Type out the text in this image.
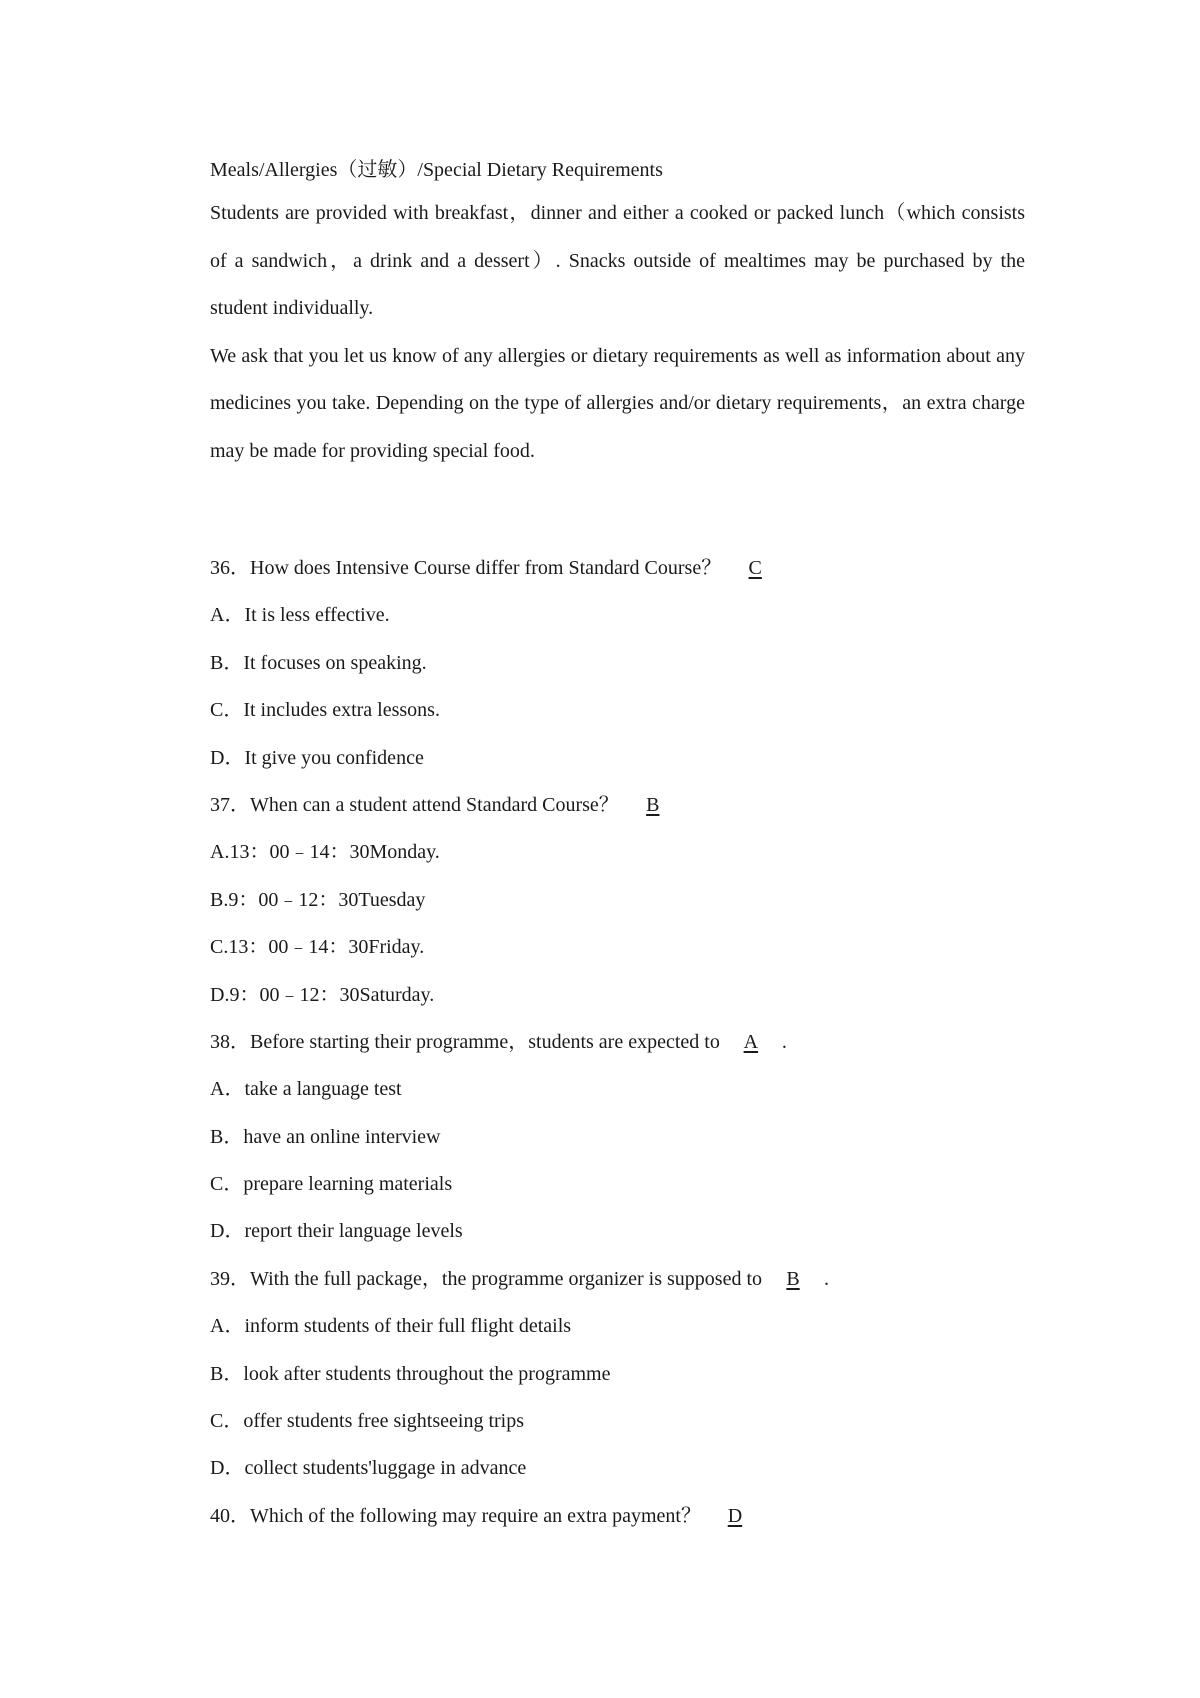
Meals/Allergies（过敏）/Special Dietary Requirements
Students are provided with breakfast，dinner and either a cooked or packed lunch（which consists of a sandwich，a drink and a dessert）. Snacks outside of mealtimes may be purchased by the student individually.
We ask that you let us know of any allergies or dietary requirements as well as information about any medicines you take. Depending on the type of allergies and/or dietary requirements，an extra charge may be made for providing special food.
36．How does Intensive Course differ from Standard Course？ C
A．It is less effective.
B．It focuses on speaking.
C．It includes extra lessons.
D．It give you confidence
37．When can a student attend Standard Course？ B
A.13：00﹣14：30Monday.
B.9：00﹣12：30Tuesday
C.13：00﹣14：30Friday.
D.9：00﹣12：30Saturday.
38．Before starting their programme，students are expected to A .
A．take a language test
B．have an online interview
C．prepare learning materials
D．report their language levels
39．With the full package，the programme organizer is supposed to B .
A．inform students of their full flight details
B．look after students throughout the programme
C．offer students free sightseeing trips
D．collect students'luggage in advance
40．Which of the following may require an extra payment？ D
